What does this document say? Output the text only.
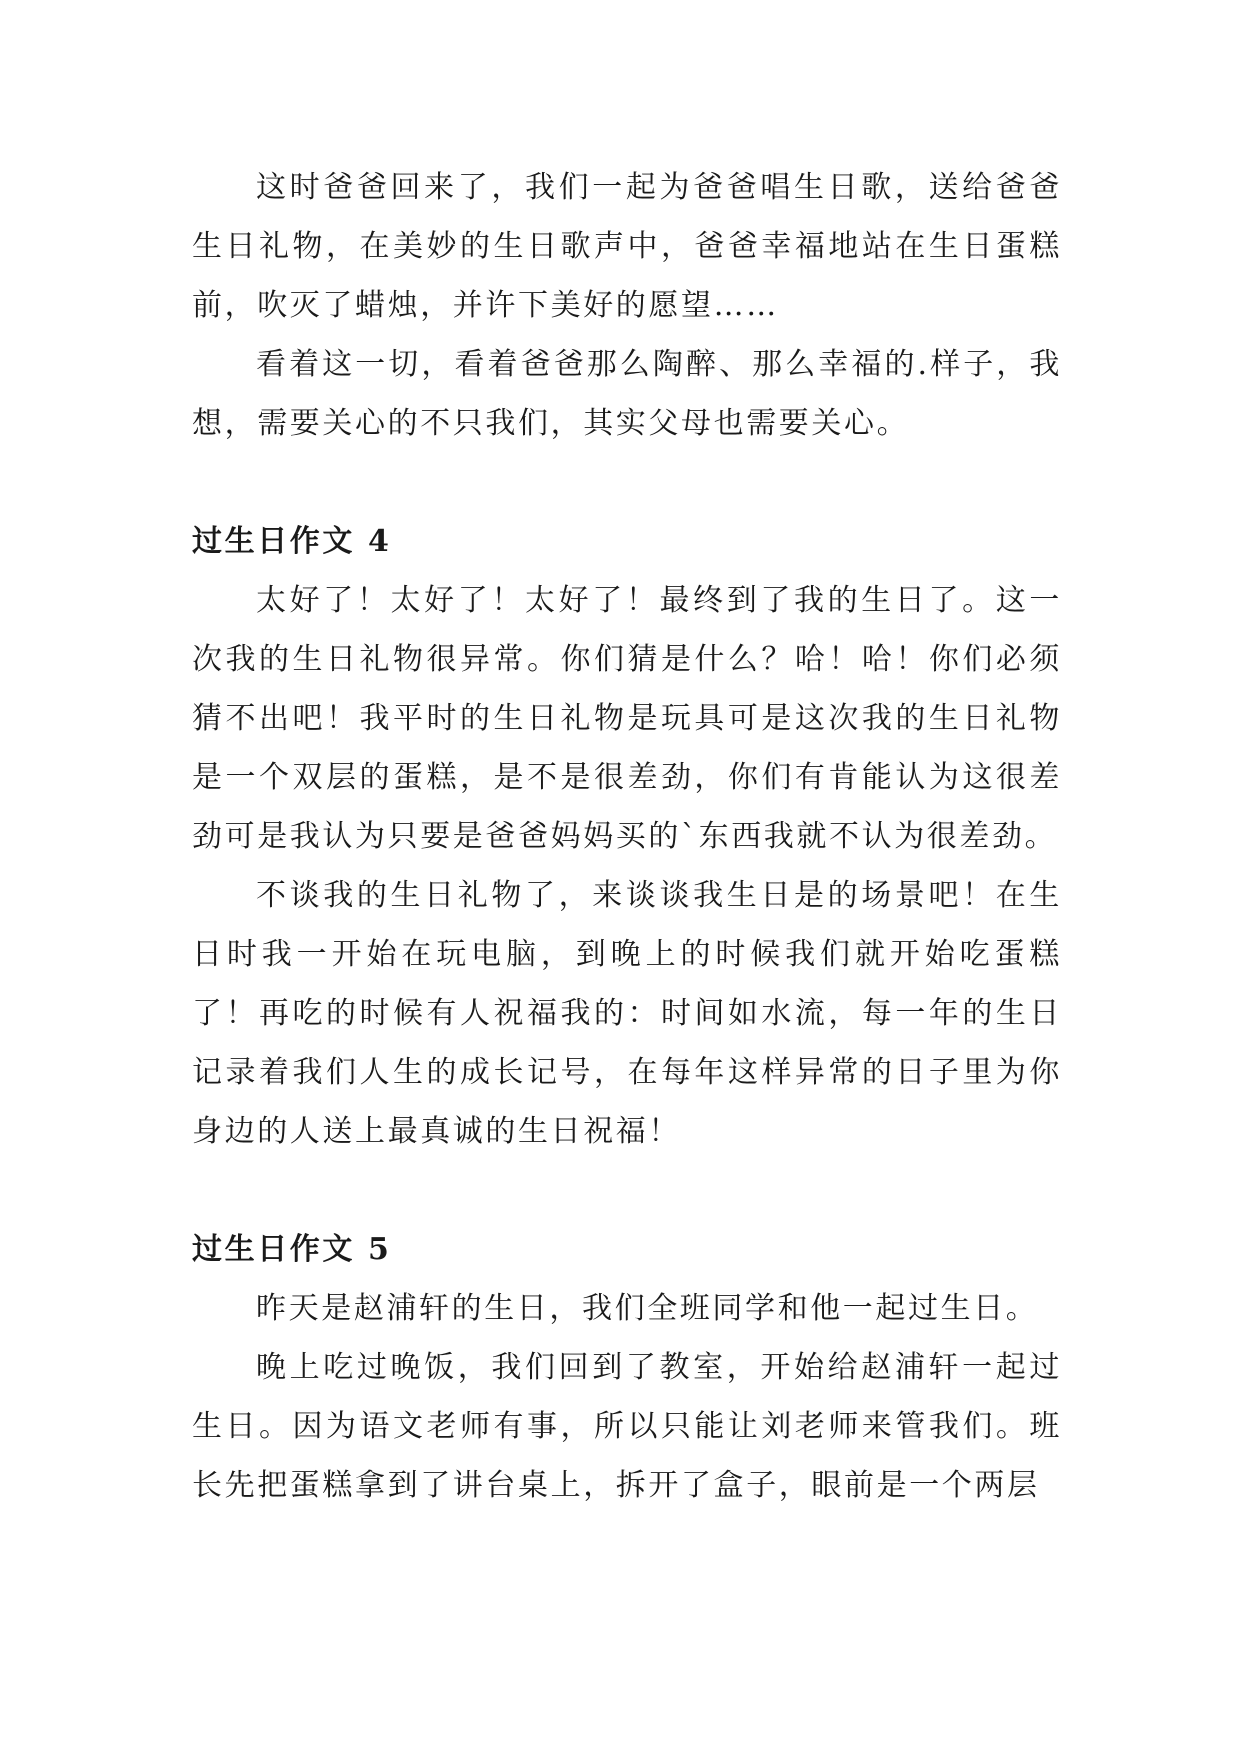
这时爸爸回来了，我们一起为爸爸唱生日歌，送给爸爸生日礼物，在美妙的生日歌声中，爸爸幸福地站在生日蛋糕前，吹灭了蜡烛，并许下美好的愿望……

看着这一切，看着爸爸那么陶醉、那么幸福的.样子，我想，需要关心的不只我们，其实父母也需要关心。

过生日作文 4

太好了！太好了！太好了！最终到了我的生日了。这一次我的生日礼物很异常。你们猜是什么？哈！哈！你们必须猜不出吧！我平时的生日礼物是玩具可是这次我的生日礼物是一个双层的蛋糕，是不是很差劲，你们有肯能认为这很差劲可是我认为只要是爸爸妈妈买的`东西我就不认为很差劲。

不谈我的生日礼物了，来谈谈我生日是的场景吧！在生日时我一开始在玩电脑，到晚上的时候我们就开始吃蛋糕了！再吃的时候有人祝福我的：时间如水流，每一年的生日记录着我们人生的成长记号，在每年这样异常的日子里为你身边的人送上最真诚的生日祝福！

过生日作文 5

昨天是赵浦轩的生日，我们全班同学和他一起过生日。

晚上吃过晚饭，我们回到了教室，开始给赵浦轩一起过生日。因为语文老师有事，所以只能让刘老师来管我们。班长先把蛋糕拿到了讲台桌上，拆开了盒子，眼前是一个两层
